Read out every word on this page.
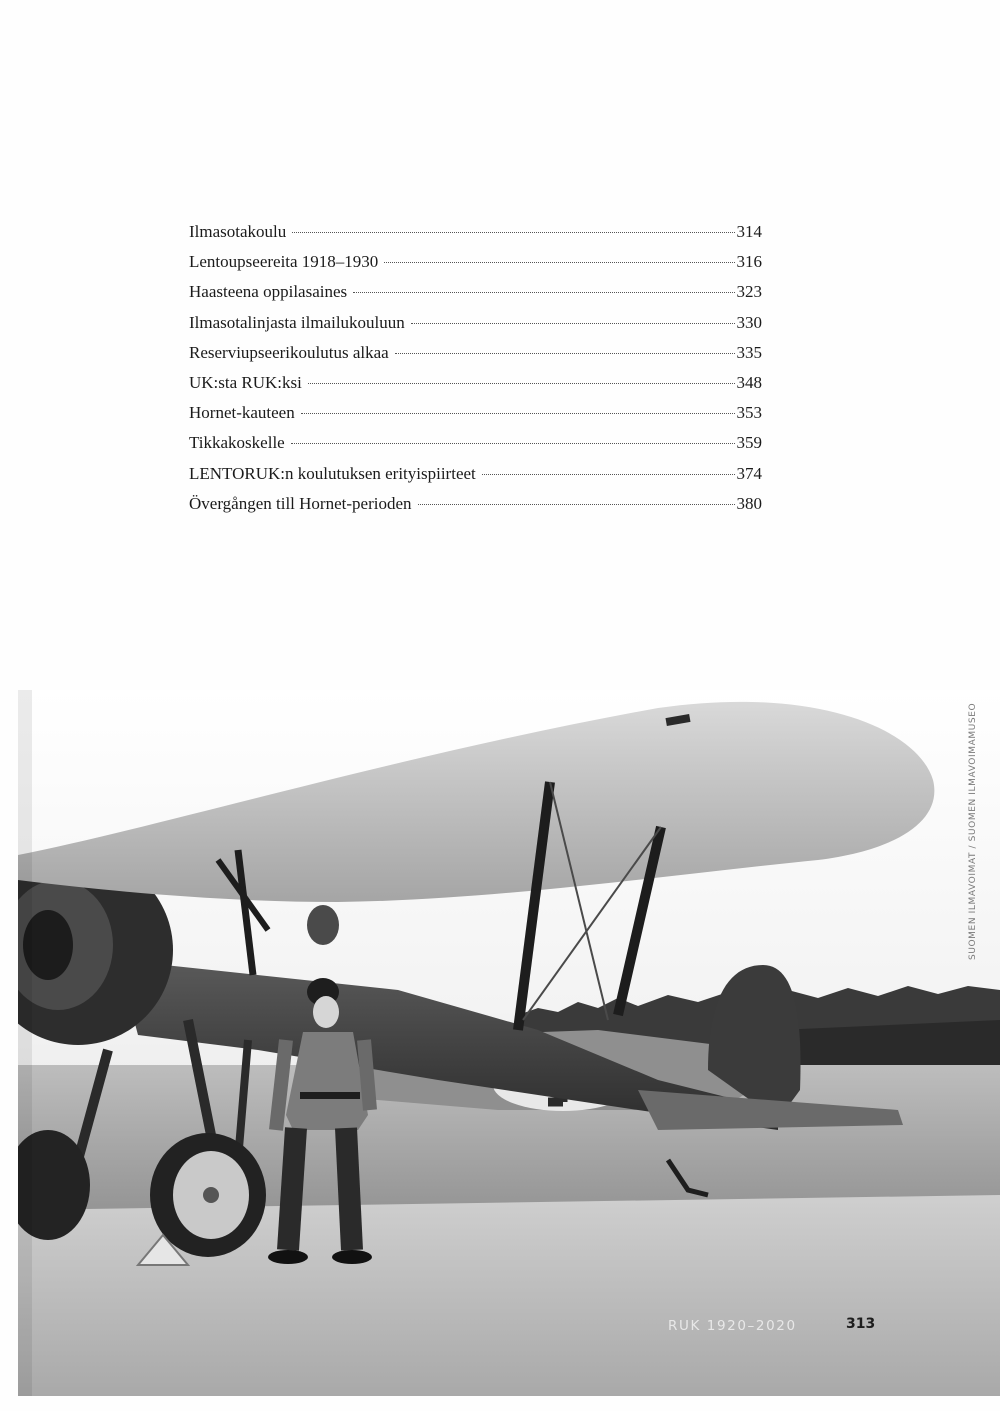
Ilmasotakoulu	314
Lentoupseereita 1918–1930	316
Haasteena oppilasaines	323
Ilmasotalinjasta ilmailukouluun	330
Reserviupseerikoulutus alkaa	335
UK:sta RUK:ksi	348
Hornet-kauteen	353
Tikkakoskelle	359
LENTORUK:n koulutuksen erityispiirteet	374
Övergången till Hornet-perioden	380
SUOMEN ILMAVOIMAT / SUOMEN ILMAVOIMAMUSEO
RUK 1920–2020	313
